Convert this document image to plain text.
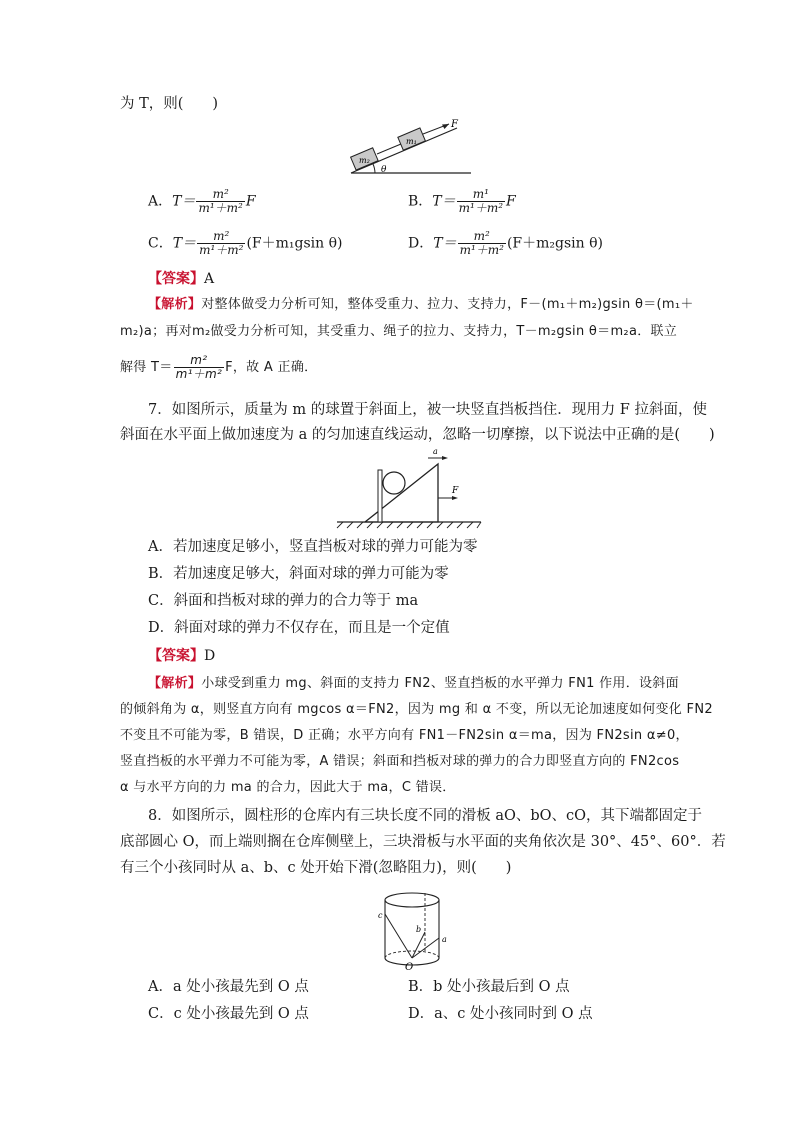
为 T，则(　　)
m₂
m₁
F
θ
A．$T= \frac{\text{m²}}{\text{m¹＋m²}}$ F	B．$T= \frac{\text{m¹}}{\text{m¹＋m²}}$ F
C．$T= \frac{\text{m²}}{\text{m¹＋m²}} (F+m_1gsin$ θ)	D．$T= \frac{\text{m²}}{\text{m¹＋m²}} (F+m_2gsin$ θ)
【答案】A
【解析】对整体做受力分析可知，整体受重力、拉力、支持力，F－(m₁＋m₂)gsin θ＝(m₁＋
m₂)a；再对m₂做受力分析可知，其受重力、绳子的拉力、支持力，T－m₂gsin θ＝m₂a．联立
解得 $T= \frac{\text{m²}}{\text{m¹＋m²}}$ F，故 A 正确．
7．如图所示，质量为 m 的球置于斜面上，被一块竖直挡板挡住．现用力 F 拉斜面，使
斜面在水平面上做加速度为 a 的匀加速直线运动，忽略一切摩擦，以下说法中正确的是(　　)
a
F
A．若加速度足够小，竖直挡板对球的弹力可能为零
B．若加速度足够大，斜面对球的弹力可能为零
C．斜面和挡板对球的弹力的合力等于 ma
D．斜面对球的弹力不仅存在，而且是一个定值
【答案】D
【解析】小球受到重力 mg、斜面的支持力 FN2、竖直挡板的水平弹力 FN1 作用．设斜面
的倾斜角为 α，则竖直方向有 mgcos α＝FN2，因为 mg 和 α 不变，所以无论加速度如何变化 FN2
不变且不可能为零，B 错误，D 正确；水平方向有 FN1－FN2sin α＝ma，因为 FN2sin α≠0，
竖直挡板的水平弹力不可能为零，A 错误；斜面和挡板对球的弹力的合力即竖直方向的 FN2cos
α 与水平方向的力 ma 的合力，因此大于 ma，C 错误．
8．如图所示，圆柱形的仓库内有三块长度不同的滑板 aO、bO、cO，其下端都固定于
底部圆心 O，而上端则搁在仓库侧壁上，三块滑板与水平面的夹角依次是 30°、45°、60°．若
有三个小孩同时从 a、b、c 处开始下滑(忽略阻力)，则(　　)
c
a
b
O
A．a 处小孩最先到 O 点	B．b 处小孩最后到 O 点
C．c 处小孩最先到 O 点	D．a、c 处小孩同时到 O 点
